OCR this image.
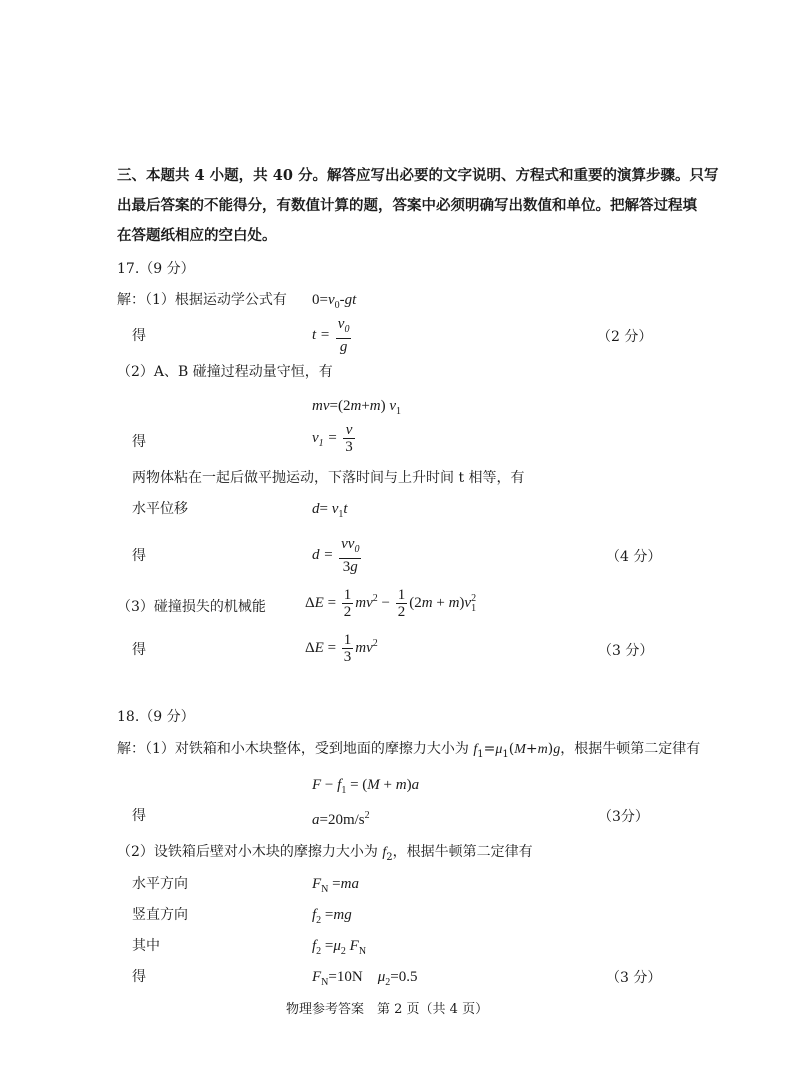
三、本题共 4 小题，共 40 分。解答应写出必要的文字说明、方程式和重要的演算步骤。只写
出最后答案的不能得分，有数值计算的题，答案中必须明确写出数值和单位。把解答过程填
在答题纸相应的空白处。
17.（9 分）
解：（1）根据运动学公式有 $0=v_0-gt$
得	$t = \frac{v_0}{g}$	（2 分）
（2）A、B 碰撞过程动量守恒，有
mv=(2m+m) $v_1$
得	$v_1 = \frac{v}{3}$
两物体粘在一起后做平抛运动，下落时间与上升时间 t 相等，有
水平位移	$d= v_1t$
得	$d = \frac{vv_0}{3g}$	（4 分）
（3）碰撞损失的机械能	$\Delta E = \frac{1}{2} mv^2 - \frac{1}{2} (2m + m)v_1^2$
得	$\Delta E = \frac{1}{3} mv^2$	（3 分）
18.（9 分）
解：（1）对铁箱和小木块整体，受到地面的摩擦力大小为 $f_1=\mu_1(M+m)g$，根据牛顿第二定律有
$F - f_1 = (M + m)a$
得	$a=20m/s^2$	（3分）
（2）设铁箱后壁对小木块的摩擦力大小为 $f_2$，根据牛顿第二定律有
水平方向	$F_N =ma$
竖直方向	$f_2 =mg$
其中	$f_2 =\mu_2$ $F_N$
得	$F_N=10N$    $\mu_2=0.5$	（3 分）
物理参考答案　第 2 页（共 4 页）
